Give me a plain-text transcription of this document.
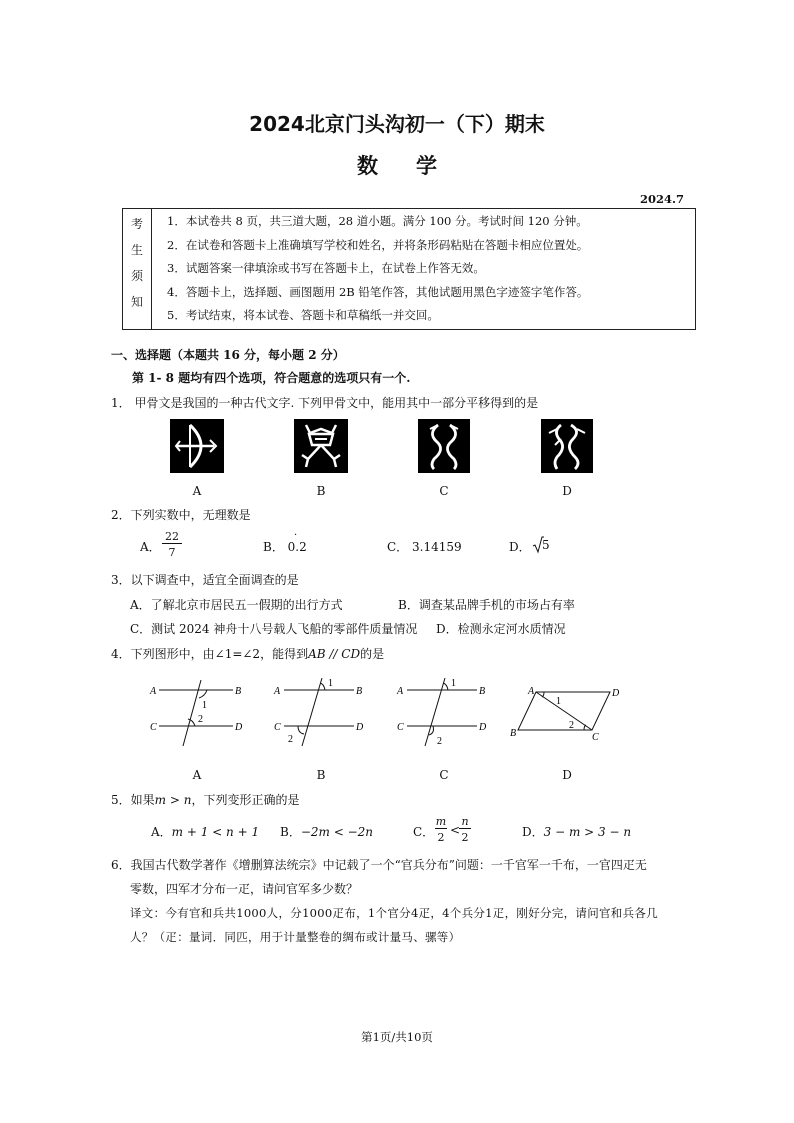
2024北京门头沟初一（下）期末
数学
2024.7
考
生
须
知

1．本试卷共 8 页，共三道大题，28 道小题。满分 100 分。考试时间 120 分钟。
2．在试卷和答题卡上准确填写学校和姓名，并将条形码粘贴在答题卡相应位置处。
3．试题答案一律填涂或书写在答题卡上，在试卷上作答无效。
4．答题卡上，选择题、画图题用 2B 铅笔作答，其他试题用黑色字迹签字笔作答。
5．考试结束，将本试卷、答题卡和草稿纸一并交回。
一、选择题（本题共 16 分，每小题 2 分）
第 1- 8 题均有四个选项，符合题意的选项只有一个.
1． 甲骨文是我国的一种古代文字. 下列甲骨文中，能用其中一部分平移得到的是
A	B	C	D
2．下列实数中，无理数是
A．
22
7	B． 0.2
·
C． 3.14159	D． 5
3．以下调查中，适宜全面调查的是
A．了解北京市居民五一假期的出行方式	B．调查某品牌手机的市场占有率
C．测试 2024 神舟十八号载人飞船的零部件质量情况 D．检测永定河水质情况
4．下列图形中，由∠1=∠2，能得到AB // CD的是
A	B
C	D
1
2
A	B
C	D
1
2
A	B
C	D
1
2
A	D
B	C
1
2
A	B	C	D
5．如果m > n，下列变形正确的是
A．m + 1 < n + 1 B．−2m < −2n	C．
m
2
<
n
2	D．3 − m > 3 − n
6．我国古代数学著作《增删算法统宗》中记载了一个“官兵分布”问题：一千官军一千布，一官四疋无
零数，四军才分布一疋，请问官军多少数？
译文：今有官和兵共1000人，分1000疋布，1个官分4疋，4个兵分1疋，刚好分完，请问官和兵各几
人？（疋：量词．同匹，用于计量整卷的绸布或计量马、骡等）
第1页/共10页
